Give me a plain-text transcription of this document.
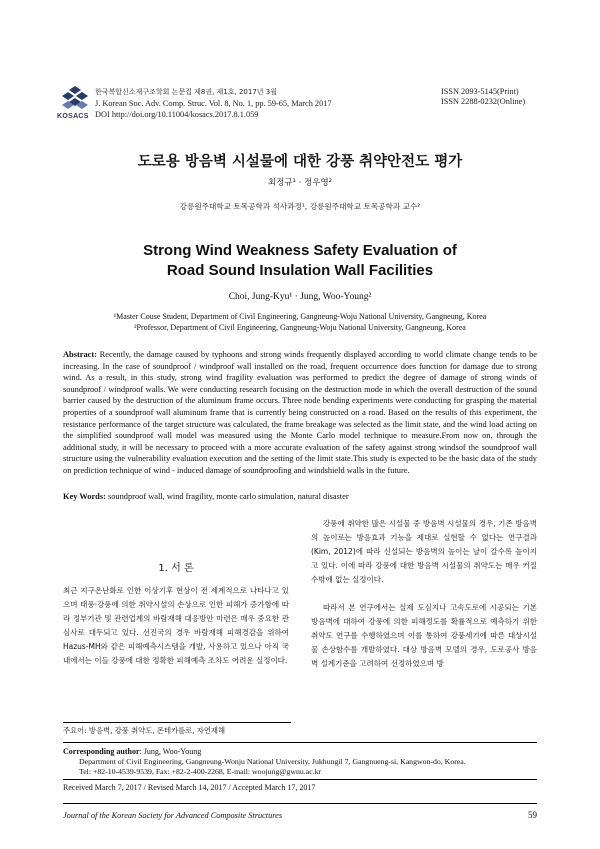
KOSACS
한국복합신소재구조학회 논문집 제8권, 제1호, 2017년 3월
J. Korean Soc. Adv. Comp. Struc. Vol. 8, No. 1, pp. 59-65, March 2017
DOI http://doi.org/10.11004/kosacs.2017.8.1.059
ISSN 2093-5145(Print)
ISSN 2288-0232(Online)
도로용 방음벽 시설물에 대한 강풍 취약안전도 평가
최정규¹ · 정우영²
강릉원주대학교 토목공학과 석사과정¹, 강릉원주대학교 토목공학과 교수²
Strong Wind Weakness Safety Evaluation of
Road Sound Insulation Wall Facilities
Choi, Jung-Kyu¹ · Jung, Woo-Young²
¹Master Couse Student, Department of Civil Engineering, Gangneung-Woju National University, Gangneung, Korea
²Professor, Department of Civil Engineering, Gangneung-Woju National University, Gangneung, Korea
Abstract: Recently, the damage caused by typhoons and strong winds frequently displayed according to world climate change tends to be increasing. In the case of soundproof / windproof wall installed on the road, frequent occurrence does function for damage due to strong wind. As a result, in this study, strong wind fragility evaluation was performed to predict the degree of damage of strong winds of soundproof / windproof walls. We were conducting research focusing on the destruction mode in which the overall destruction of the sound barrier caused by the destruction of the aluminum frame occurs. Three node bending experiments were conducting for grasping the material properties of a soundproof wall aluminum frame that is currently being constructed on a road. Based on the results of this experiment, the resistance performance of the target structure was calculated, the frame breakage was selected as the limit state, and the wind load acting on the simplified soundproof wall model was measured using the Monte Carlo model technique to measure.From now on, through the additional study, it will be necessary to proceed with a more accurate evaluation of the safety against strong windsof the soundproof wall structure using the vulnerability evaluation execution and the setting of the limit state.This study is expected to be the basic data of the study on prediction technique of wind - induced damage of soundproofing and windshield walls in the future.
Key Words: soundproof wall, wind fragility, monte carlo simulation, natural disaster
1. 서 론
최근 지구온난화로 인한 이상기후 현상이 전 세계적으로 나타나고 있으며 태풍·강풍에 의한 취약시설의 손상으로 인한 피해가 증가함에 따라 정부기관 및 관련업계의 바람재해 대응방안 마련은 매우 중요한 관심사로 대두되고 있다. 선진국의 경우 바람재해 피해경감을 위하여 Hazus-MH와 같은 피해예측시스템을 개발, 사용하고 있으나 아직 국내에서는 이들 강풍에 대한 정확한 피해예측 조차도 어려운 실정이다.
강풍에 취약한 많은 시설물 중 방음벽 시설물의 경우, 기존 방음벽의 높이로는 방음효과 기능을 제대로 실현할 수 없다는 연구결과(Kim, 2012)에 따라 신설되는 방음벽의 높이는 날이 갈수록 높이지고 있다. 이에 따라 강풍에 대한 방음벽 시설물의 취약도는 매우 커질 수밖에 없는 실정이다.
따라서 본 연구에서는 실제 도심지나 고속도로에 시공되는 기본 방음벽에 대하여 강풍에 의한 피해정도를 확률적으로 예측하기 위한 취약도 연구를 수행하였으며 이를 통하여 강풍세기에 따른 대상시설물 손상함수를 개발하였다. 대상 방음벽 모델의 경우, 도로공사 방음벽 설계기준을 고려하여 선정하였으며 방
주요어: 방음벽, 강풍 취약도, 몬테카를로, 자연재해
Corresponding author: Jung, Woo-Young
Department of Civil Engineering, Gangneung-Wonju National University, Jukhungil 7, Gangnueng-si, Kangwon-do, Korea.
Tel: +82-10-4539-9539, Fax: +82-2-400-2268, E-mail: woojung@gwnu.ac.kr
Received March 7, 2017 / Revised March 14, 2017 / Accepted March 17, 2017
Journal of the Korean Society for Advanced Composite Structures	59
